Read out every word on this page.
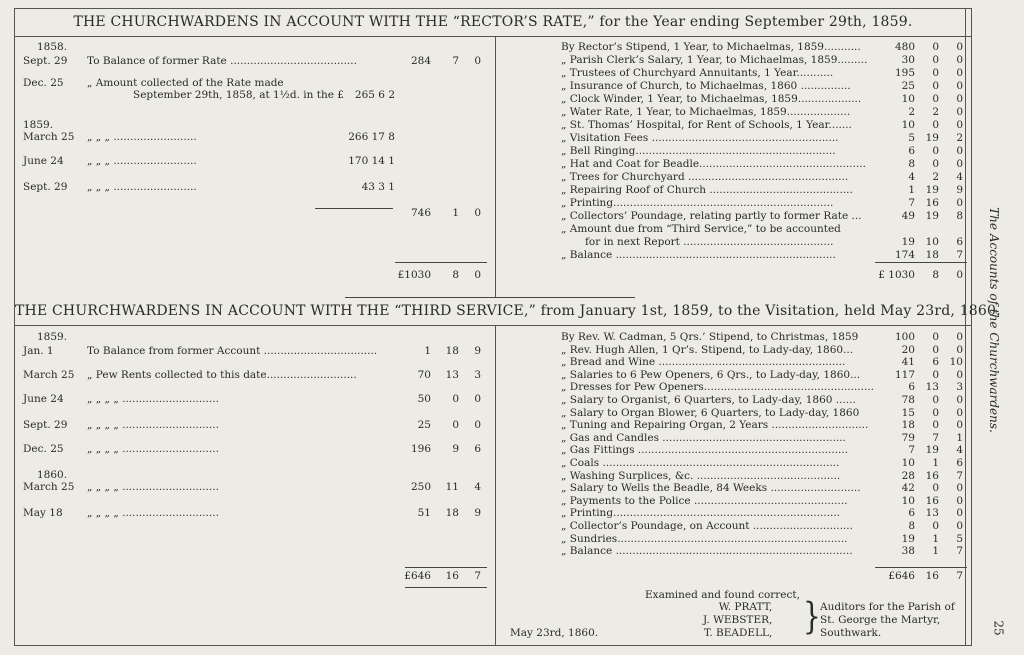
THE CHURCHWARDENS IN ACCOUNT WITH THE “RECTOR’S RATE,” for the Year ending September 29th, 1859.
1858.
Sept. 29 To Balance of former Rate ......................................	284	7	0
Dec. 25 „ Amount collected of the Rate made
September 29th, 1858, at 1½d. in the £	265 6 2
1859.
March 25 „ „ „ .........................	266 17 8
June 24 „ „ „ .........................	170 14 1
Sept. 29 „ „ „ .........................	43 3 1
746	1	0
£1030	8	0
By Rector’s Stipend, 1 Year, to Michaelmas, 1859...........	480	0	0
„ Parish Clerk’s Salary, 1 Year, to Michaelmas, 1859.........	30	0	0
„ Trustees of Churchyard Annuitants, 1 Year...........	195	0	0
„ Insurance of Church, to Michaelmas, 1860 ...............	25	0	0
„ Clock Winder, 1 Year, to Michaelmas, 1859...................	10	0	0
„ Water Rate, 1 Year, to Michaelmas, 1859...................	2	2	0
„ St. Thomas’ Hospital, for Rent of Schools, 1 Year.......	10	0	0
„ Visitation Fees ........................................................	5	19	2
„ Bell Ringing............................................................	6	0	0
„ Hat and Coat for Beadle..................................................	8	0	0
„ Trees for Churchyard ................................................	4	2	4
„ Repairing Roof of Church ...........................................	1	19	9
„ Printing..................................................................	7	16	0
„ Collectors’ Poundage, relating partly to former Rate ...	49	19	8
„ Amount due from “Third Service,” to be accounted
for in next Report .............................................	19	10	6
„ Balance ..................................................................	174	18	7
£ 1030	8	0
THE CHURCHWARDENS IN ACCOUNT WITH THE “THIRD SERVICE,” from January 1st, 1859, to the Visitation, held May 23rd, 1860.
1859.
Jan. 1	To Balance from former Account ..................................	1	18	9
March 25 „ Pew Rents collected to this date...........................	70	13	3
June 24 „ „ „ „ .............................	50	0	0
Sept. 29 „ „ „ „ .............................	25	0	0
Dec. 25 „ „ „ „ .............................	196	9	6
March 25 „ „ „ „ .............................	250	11	4
May 18 „ „ „ „ .............................	51	18	9
1860.
£646	16	7
By Rev. W. Cadman, 5 Qrs.’ Stipend, to Christmas, 1859	100	0	0
„ Rev. Hugh Allen, 1 Qr’s. Stipend, to Lady-day, 1860...	20	0	0
„ Bread and Wine ........................................................	41	6 10
„ Salaries to 6 Pew Openers, 6 Qrs., to Lady-day, 1860...	117	0	0
„ Dresses for Pew Openers...................................................	6	13	3
„ Salary to Organist, 6 Quarters, to Lady-day, 1860 ......	78	0	0
„ Salary to Organ Blower, 6 Quarters, to Lady-day, 1860	15	0	0
„ Tuning and Repairing Organ, 2 Years .............................	18	0	0
„ Gas and Candles .......................................................	79	7	1
„ Gas Fittings ...............................................................	7	19	4
„ Coals .......................................................................	10	1	6
„ Washing Surplices, &c. ...........................................	28	16	7
„ Salary to Wells the Beadle, 84 Weeks ...........................	42	0	0
„ Payments to the Police ..............................................	10	16	0
„ Printing....................................................................	6	13	0
„ Collector’s Poundage, on Account ..............................	8	0	0
„ Sundries.....................................................................	19	1	5
„ Balance .......................................................................	38	1	7
£646	16	7
Examined and found correct,
W. PRATT,
J. WEBSTER,
T. BEADELL, } Auditors for the Parish of
St. George the Martyr,
Southwark.
May 23rd, 1860.
The Accounts of the Churchwardens.
25
